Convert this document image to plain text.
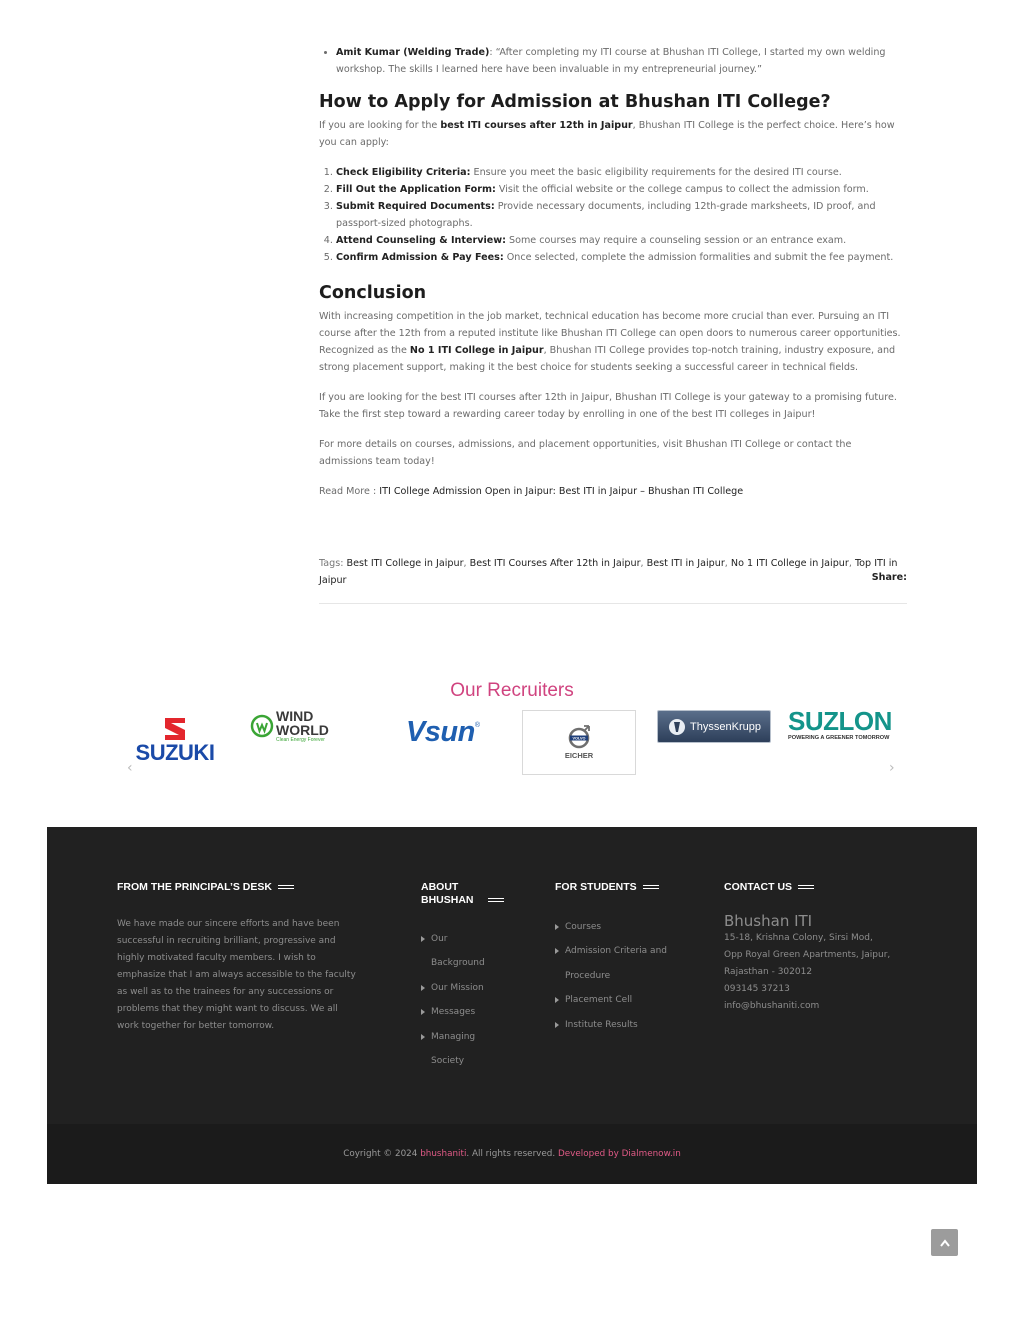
• Amit Kumar (Welding Trade): “After completing my ITI course at Bhushan ITI College, I started my own welding workshop. The skills I learned here have been invaluable in my entrepreneurial journey.”
How to Apply for Admission at Bhushan ITI College?

If you are looking for the best ITI courses after 12th in Jaipur, Bhushan ITI College is the perfect choice. Here’s how you can apply:

1. Check Eligibility Criteria: Ensure you meet the basic eligibility requirements for the desired ITI course.
2. Fill Out the Application Form: Visit the official website or the college campus to collect the admission form.
3. Submit Required Documents: Provide necessary documents, including 12th-grade marksheets, ID proof, and passport-sized photographs.
4. Attend Counseling & Interview: Some courses may require a counseling session or an entrance exam.
5. Confirm Admission & Pay Fees: Once selected, complete the admission formalities and submit the fee payment.
Conclusion

With increasing competition in the job market, technical education has become more crucial than ever. Pursuing an ITI course after the 12th from a reputed institute like Bhushan ITI College can open doors to numerous career opportunities. Recognized as the No 1 ITI College in Jaipur, Bhushan ITI College provides top-notch training, industry exposure, and strong placement support, making it the best choice for students seeking a successful career in technical fields.

If you are looking for the best ITI courses after 12th in Jaipur, Bhushan ITI College is your gateway to a promising future. Take the first step toward a rewarding career today by enrolling in one of the best ITI colleges in Jaipur!

For more details on courses, admissions, and placement opportunities, visit Bhushan ITI College or contact the admissions team today!

Read More : ITI College Admission Open in Jaipur: Best ITI in Jaipur – Bhushan ITI College

Tags: Best ITI College in Jaipur, Best ITI Courses After 12th in Jaipur, Best ITI in Jaipur, No 1 ITI College in Jaipur, Top ITI in Jaipur	Share:
Our Recruiters
SUZUKI
WIND WORLD
Clean Energy Forever	Vsun ®
VOLVO
EICHER
ThyssenKrupp SUZLON
POWERING A GREENER TOMORROW
‹	›
FROM THE PRINCIPAL’S DESK
We have made our sincere efforts and have been successful in recruiting brilliant, progressive and highly motivated faculty members. I wish to emphasize that I am always accessible to the faculty as well as to the trainees for any successions or problems that they might want to discuss. We all work together for better tomorrow.
ABOUT
BHUSHAN
Our Background
Our Mission
Messages
Managing Society
FOR STUDENTS
Courses
Admission Criteria and Procedure
Placement Cell
Institute Results
CONTACT US
Bhushan ITI
15-18, Krishna Colony, Sirsi Mod, Opp Royal Green Apartments, Jaipur, Rajasthan - 302012
093145 37213
info@bhushaniti.com
Coyright © 2024 bhushaniti. All rights reserved. Developed by Dialmenow.in
